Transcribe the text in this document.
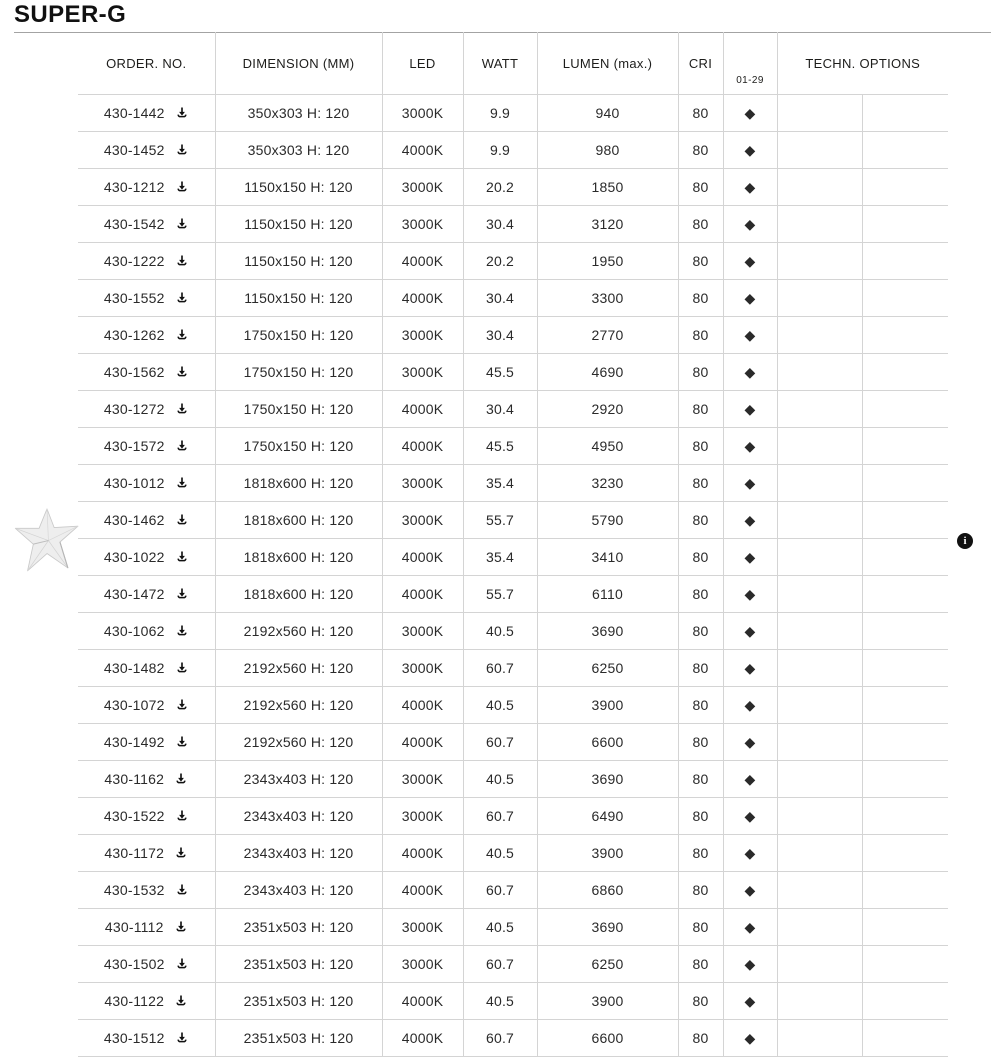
SUPER-G
i
ORDER. NO.	DIMENSION (MM)	LED	WATT	LUMEN (max.)	CRI	01-29	TECHN. OPTIONS	

430-1442	350x303 H: 120	3000K	9.9	940	80	◆		

430-1452	350x303 H: 120	4000K	9.9	980	80	◆		

430-1212	1150x150 H: 120	3000K	20.2	1850	80	◆		

430-1542	1150x150 H: 120	3000K	30.4	3120	80	◆		

430-1222	1150x150 H: 120	4000K	20.2	1950	80	◆		

430-1552	1150x150 H: 120	4000K	30.4	3300	80	◆		

430-1262	1750x150 H: 120	3000K	30.4	2770	80	◆		

430-1562	1750x150 H: 120	3000K	45.5	4690	80	◆		

430-1272	1750x150 H: 120	4000K	30.4	2920	80	◆		

430-1572	1750x150 H: 120	4000K	45.5	4950	80	◆		

430-1012	1818x600 H: 120	3000K	35.4	3230	80	◆		

430-1462	1818x600 H: 120	3000K	55.7	5790	80	◆		

430-1022	1818x600 H: 120	4000K	35.4	3410	80	◆		

430-1472	1818x600 H: 120	4000K	55.7	6110	80	◆		

430-1062	2192x560 H: 120	3000K	40.5	3690	80	◆		

430-1482	2192x560 H: 120	3000K	60.7	6250	80	◆		

430-1072	2192x560 H: 120	4000K	40.5	3900	80	◆		

430-1492	2192x560 H: 120	4000K	60.7	6600	80	◆		

430-1162	2343x403 H: 120	3000K	40.5	3690	80	◆		

430-1522	2343x403 H: 120	3000K	60.7	6490	80	◆		

430-1172	2343x403 H: 120	4000K	40.5	3900	80	◆		

430-1532	2343x403 H: 120	4000K	60.7	6860	80	◆		

430-1112	2351x503 H: 120	3000K	40.5	3690	80	◆		

430-1502	2351x503 H: 120	3000K	60.7	6250	80	◆		

430-1122	2351x503 H: 120	4000K	40.5	3900	80	◆		

430-1512	2351x503 H: 120	4000K	60.7	6600	80	◆		
